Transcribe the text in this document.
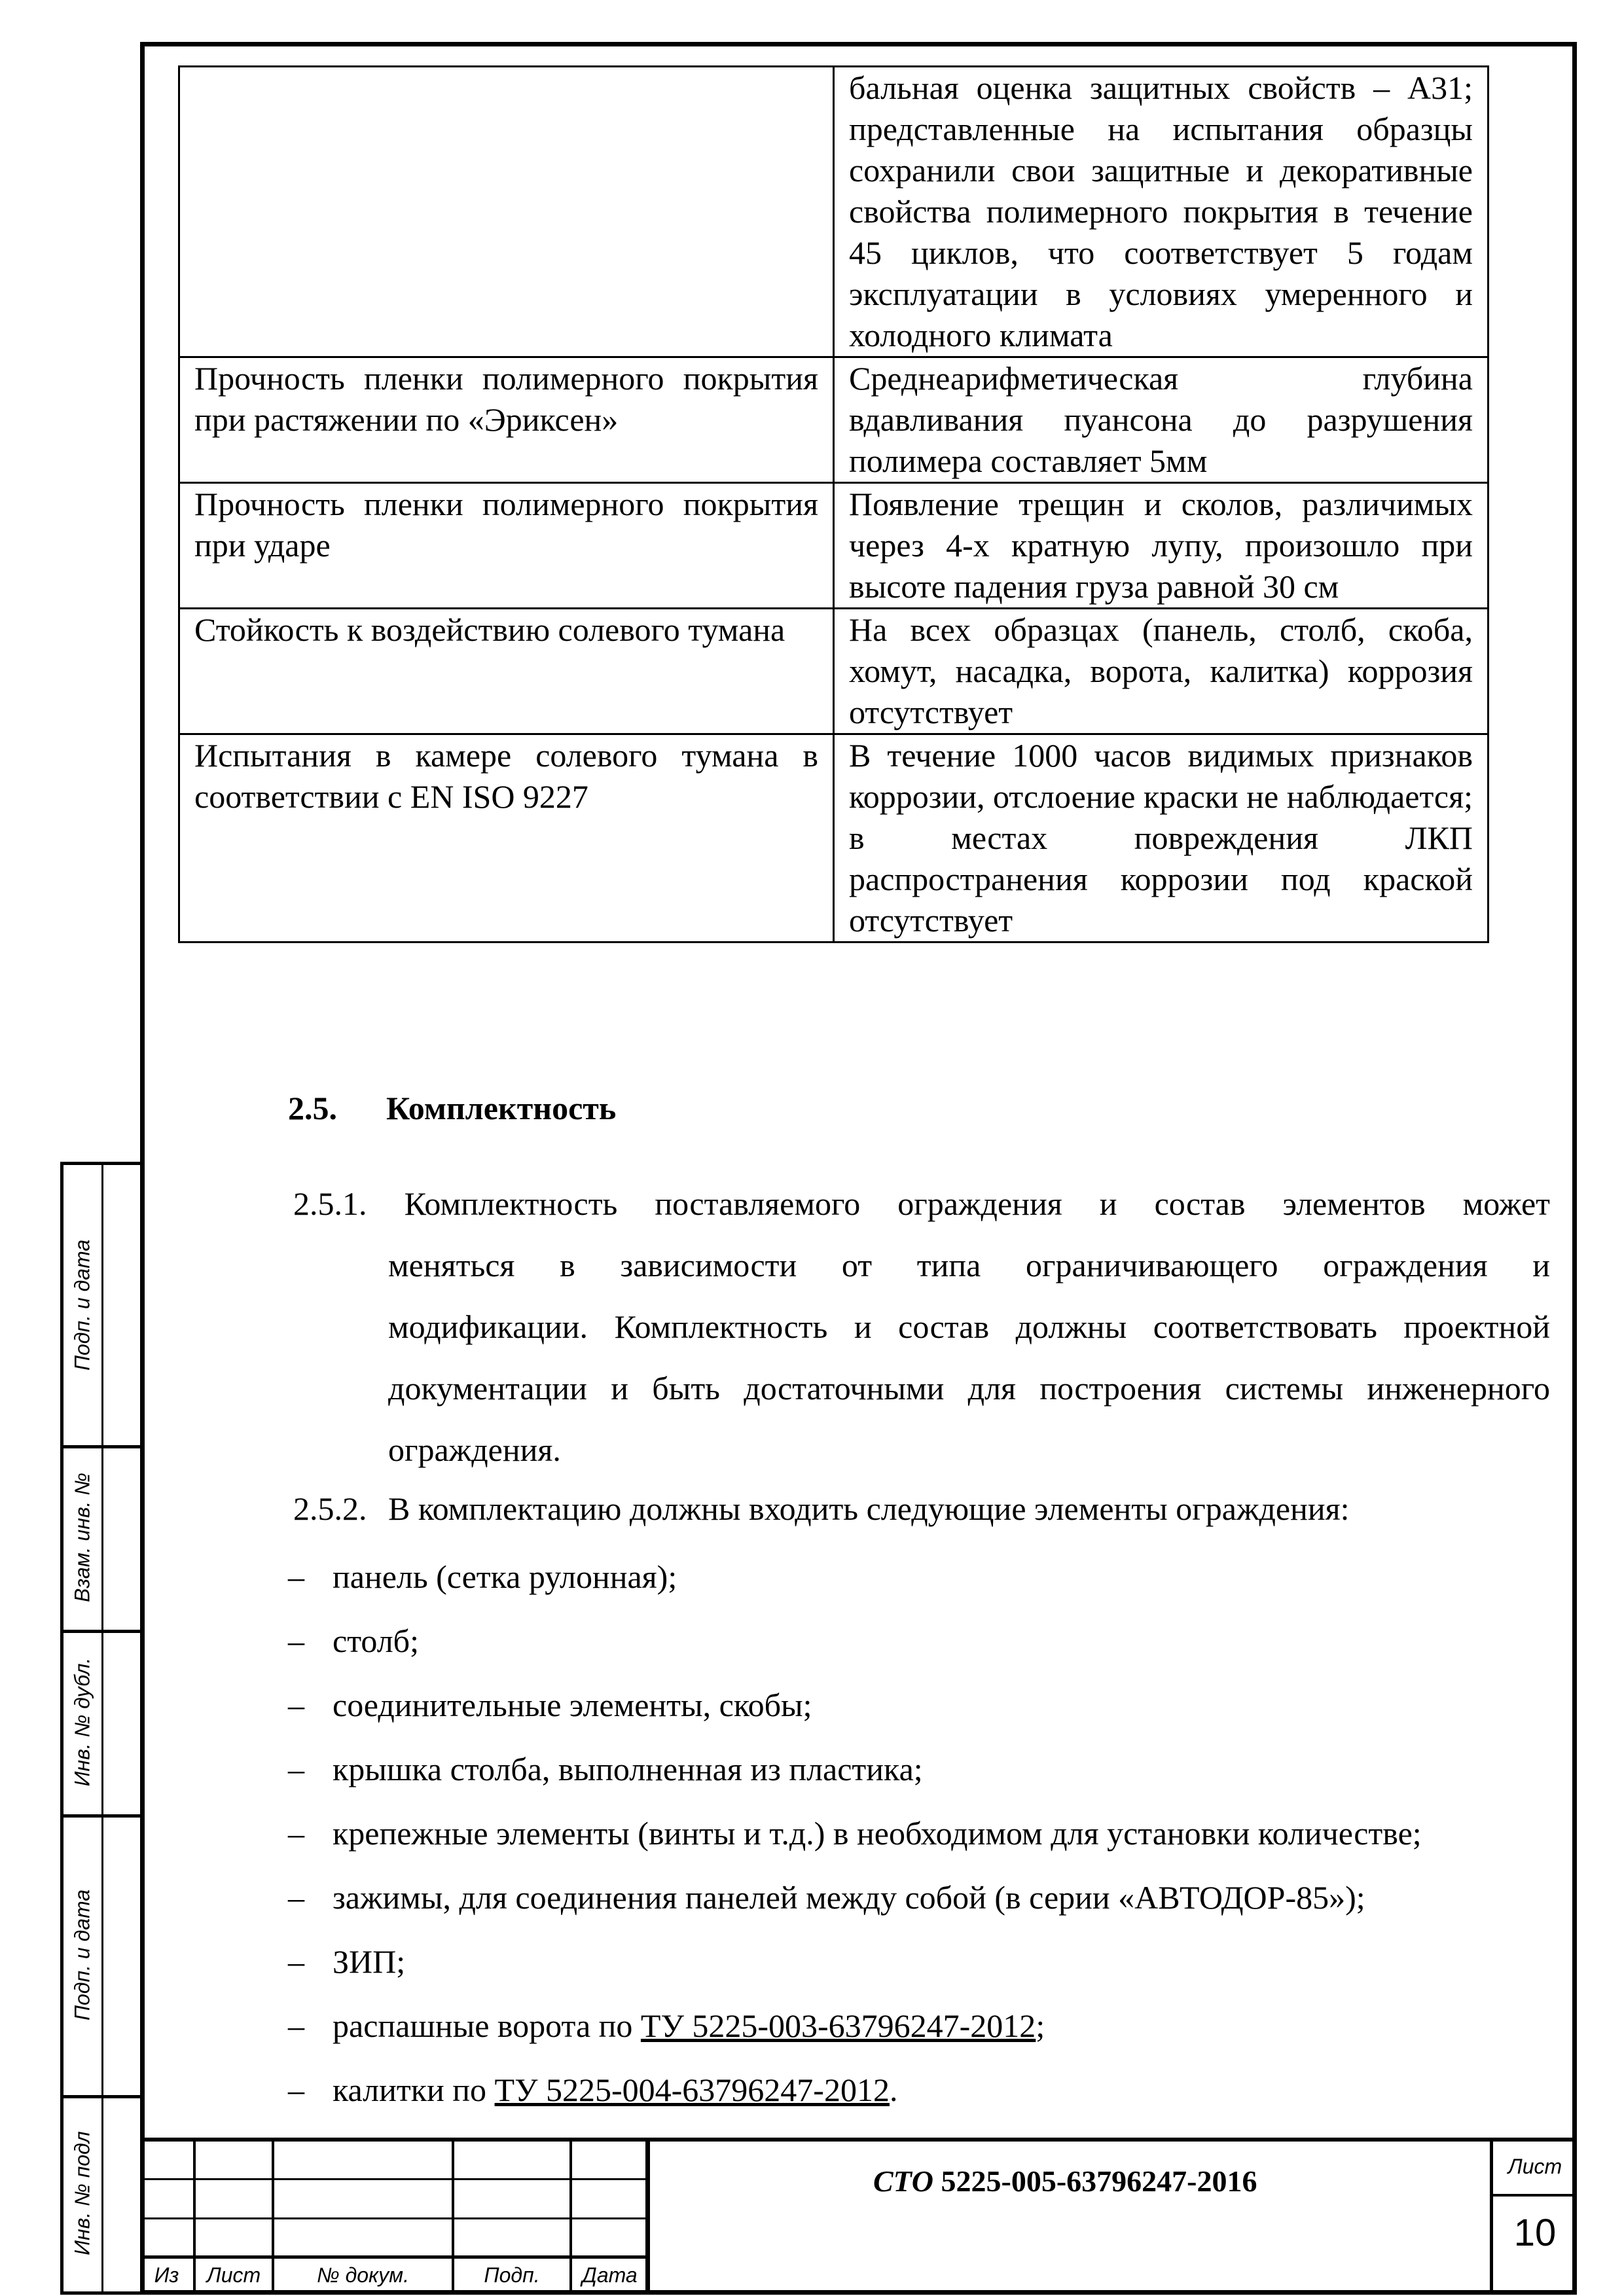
	бальная оценка защитных свойств – А31; представленные на испытания образцы сохранили свои защитные и декоративные свойства полимерного покрытия в течение 45 циклов, что соответствует 5 годам эксплуатации в условиях умеренного и холодного климата
Прочность пленки полимерного покрытия при растяжении по «Эриксен»	Среднеарифметическая глубина вдавливания пуансона до разрушения полимера составляет 5мм
Прочность пленки полимерного покрытия при ударе	Появление трещин и сколов, различимых через 4-х кратную лупу, произошло при высоте падения груза равной 30 см
Стойкость к воздействию солевого тумана	На всех образцах (панель, столб, скоба, хомут, насадка, ворота, калитка) коррозия отсутствует
Испытания в камере солевого тумана в соответствии с EN ISO 9227	В течение 1000 часов видимых признаков коррозии, отслоение краски не наблюдается; в местах повреждения ЛКП распространения коррозии под краской отсутствует
2.5. Комплектность
2.5.1. Комплектность поставляемого ограждения и состав элементов может
меняться в зависимости от типа ограничивающего ограждения и
модификации. Комплектность и состав должны соответствовать проектной
документации и быть достаточными для построения системы инженерного
ограждения.
2.5.2. В комплектацию должны входить следующие элементы ограждения:
– панель (сетка рулонная);
– столб;
– соединительные элементы, скобы;
– крышка столба, выполненная из пластика;
– крепежные элементы (винты и т.д.) в необходимом для установки количестве;
– зажимы, для соединения панелей между собой (в серии «АВТОДОР-85»);
– ЗИП;
– распашные ворота по ТУ 5225-003-63796247-2012;
– калитки по ТУ 5225-004-63796247-2012.
Подп. и дата
Взам. инв. №
Инв. № дубл.
Подп. и дата
Инв. № подл
Из	Лист	№ докум.	Подп.	Дата
СТО 5225-005-63796247-2016	Лист
10
